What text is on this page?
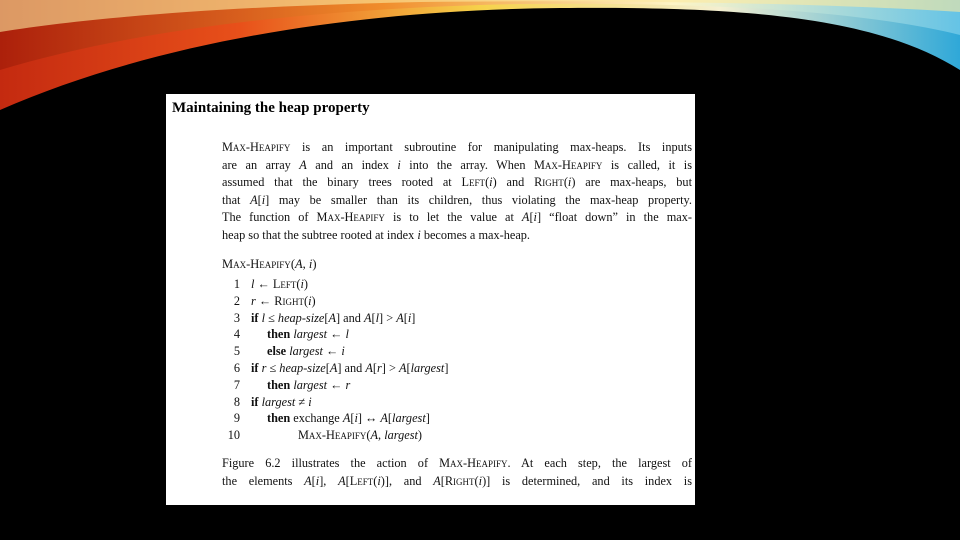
Maintaining the heap property
Max-Heapify is an important subroutine for manipulating max-heaps. Its inputs
are an array A and an index i into the array. When Max-Heapify is called, it is
assumed that the binary trees rooted at Left(i) and Right(i) are max-heaps, but
that A[i] may be smaller than its children, thus violating the max-heap property.
The function of Max-Heapify is to let the value at A[i] “float down” in the max-
heap so that the subtree rooted at index i becomes a max-heap.
Max-Heapify(A, i)
1 l ← Left(i)
2 r ← Right(i)
3 if l ≤ heap-size[A] and A[l] > A[i]
4 then largest ← l
5 else largest ← i
6 if r ≤ heap-size[A] and A[r] > A[largest]
7 then largest ← r
8 if largest ≠ i
9 then exchange A[i] ↔ A[largest]
10	Max-Heapify(A, largest)
Figure 6.2 illustrates the action of Max-Heapify. At each step, the largest of
the elements A[i], A[Left(i)], and A[Right(i)] is determined, and its index is
